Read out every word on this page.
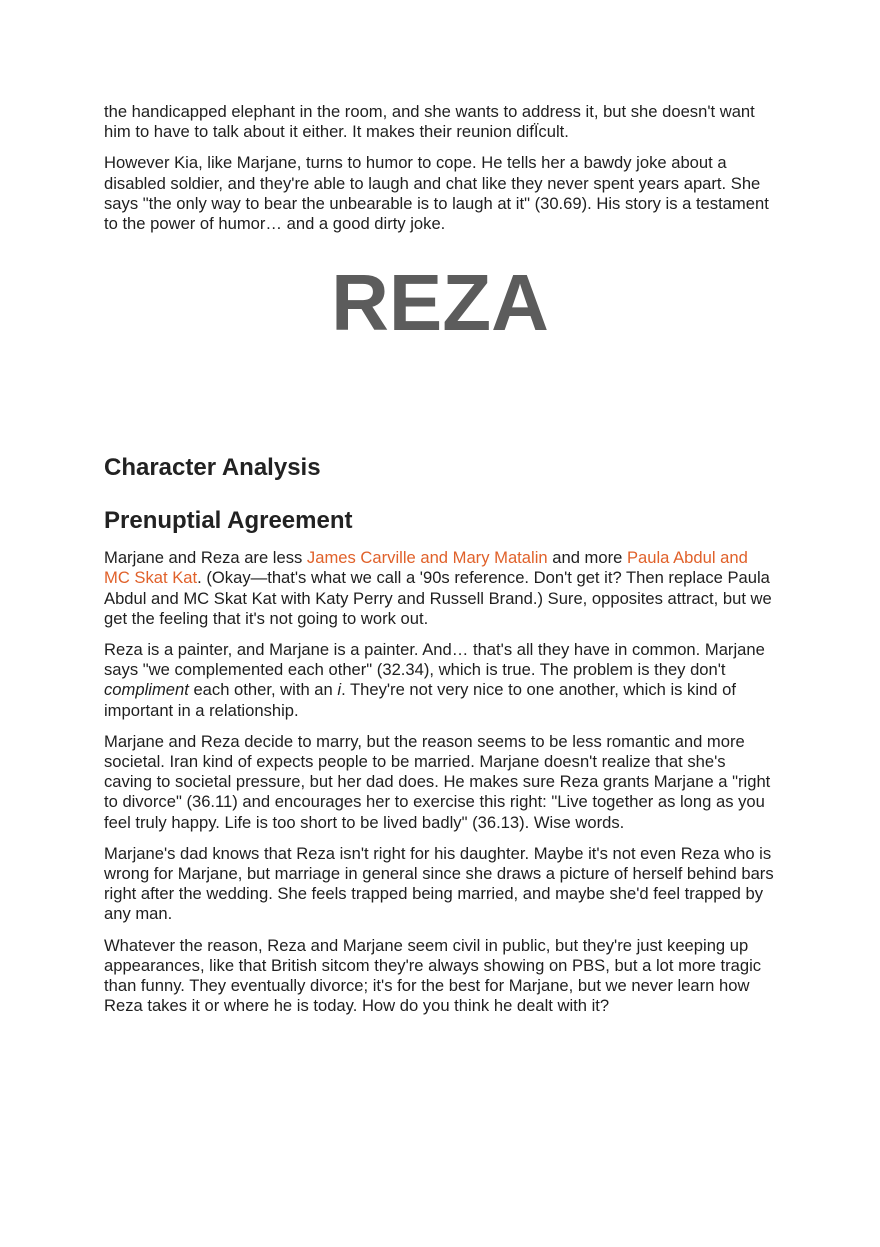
the handicapped elephant in the room, and she wants to address it, but she doesn't want him to have to talk about it either. It makes their reunion difÏcult.

However Kia, like Marjane, turns to humor to cope. He tells her a bawdy joke about a disabled soldier, and they're able to laugh and chat like they never spent years apart. She says "the only way to bear the unbearable is to laugh at it" (30.69). His story is a testament to the power of humor… and a good dirty joke.

REZA
Character Analysis
Prenuptial Agreement

Marjane and Reza are less James Carville and Mary Matalin and more Paula Abdul and MC Skat Kat. (Okay—that's what we call a '90s reference. Don't get it? Then replace Paula Abdul and MC Skat Kat with Katy Perry and Russell Brand.) Sure, opposites attract, but we get the feeling that it's not going to work out.

Reza is a painter, and Marjane is a painter. And… that's all they have in common. Marjane says "we complemented each other" (32.34), which is true. The problem is they don't compliment each other, with an i. They're not very nice to one another, which is kind of important in a relationship.

Marjane and Reza decide to marry, but the reason seems to be less romantic and more societal. Iran kind of expects people to be married. Marjane doesn't realize that she's caving to societal pressure, but her dad does. He makes sure Reza grants Marjane a "right to divorce" (36.11) and encourages her to exercise this right: "Live together as long as you feel truly happy. Life is too short to be lived badly" (36.13). Wise words.

Marjane's dad knows that Reza isn't right for his daughter. Maybe it's not even Reza who is wrong for Marjane, but marriage in general since she draws a picture of herself behind bars right after the wedding. She feels trapped being married, and maybe she'd feel trapped by any man.

Whatever the reason, Reza and Marjane seem civil in public, but they're just keeping up appearances, like that British sitcom they're always showing on PBS, but a lot more tragic than funny. They eventually divorce; it's for the best for Marjane, but we never learn how Reza takes it or where he is today. How do you think he dealt with it?
